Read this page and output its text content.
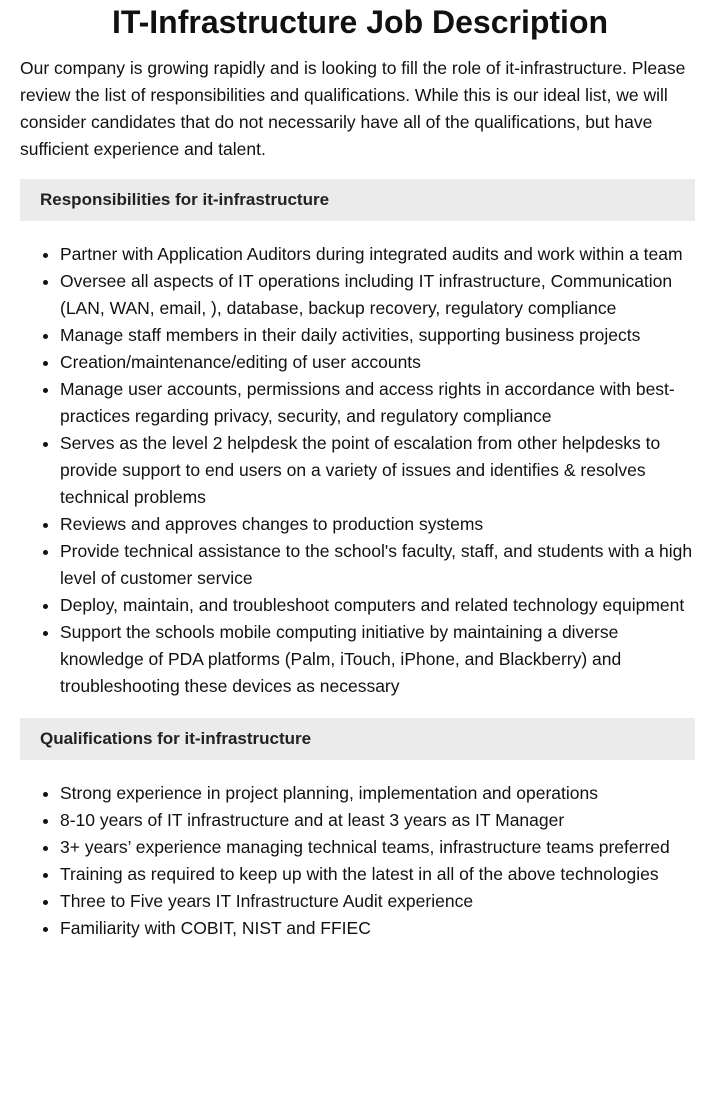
IT-Infrastructure Job Description

Our company is growing rapidly and is looking to fill the role of it-infrastructure. Please review the list of responsibilities and qualifications. While this is our ideal list, we will consider candidates that do not necessarily have all of the qualifications, but have sufficient experience and talent.

Responsibilities for it-infrastructure
• Partner with Application Auditors during integrated audits and work within a team
• Oversee all aspects of IT operations including IT infrastructure, Communication (LAN, WAN, email, ), database, backup recovery, regulatory compliance
• Manage staff members in their daily activities, supporting business projects
• Creation/maintenance/editing of user accounts
• Manage user accounts, permissions and access rights in accordance with best-practices regarding privacy, security, and regulatory compliance
• Serves as the level 2 helpdesk the point of escalation from other helpdesks to provide support to end users on a variety of issues and identifies & resolves technical problems
• Reviews and approves changes to production systems
• Provide technical assistance to the school's faculty, staff, and students with a high level of customer service
• Deploy, maintain, and troubleshoot computers and related technology equipment
• Support the schools mobile computing initiative by maintaining a diverse knowledge of PDA platforms (Palm, iTouch, iPhone, and Blackberry) and troubleshooting these devices as necessary
Qualifications for it-infrastructure
• Strong experience in project planning, implementation and operations
• 8-10 years of IT infrastructure and at least 3 years as IT Manager
• 3+ years’ experience managing technical teams, infrastructure teams preferred
• Training as required to keep up with the latest in all of the above technologies
• Three to Five years IT Infrastructure Audit experience
• Familiarity with COBIT, NIST and FFIEC
